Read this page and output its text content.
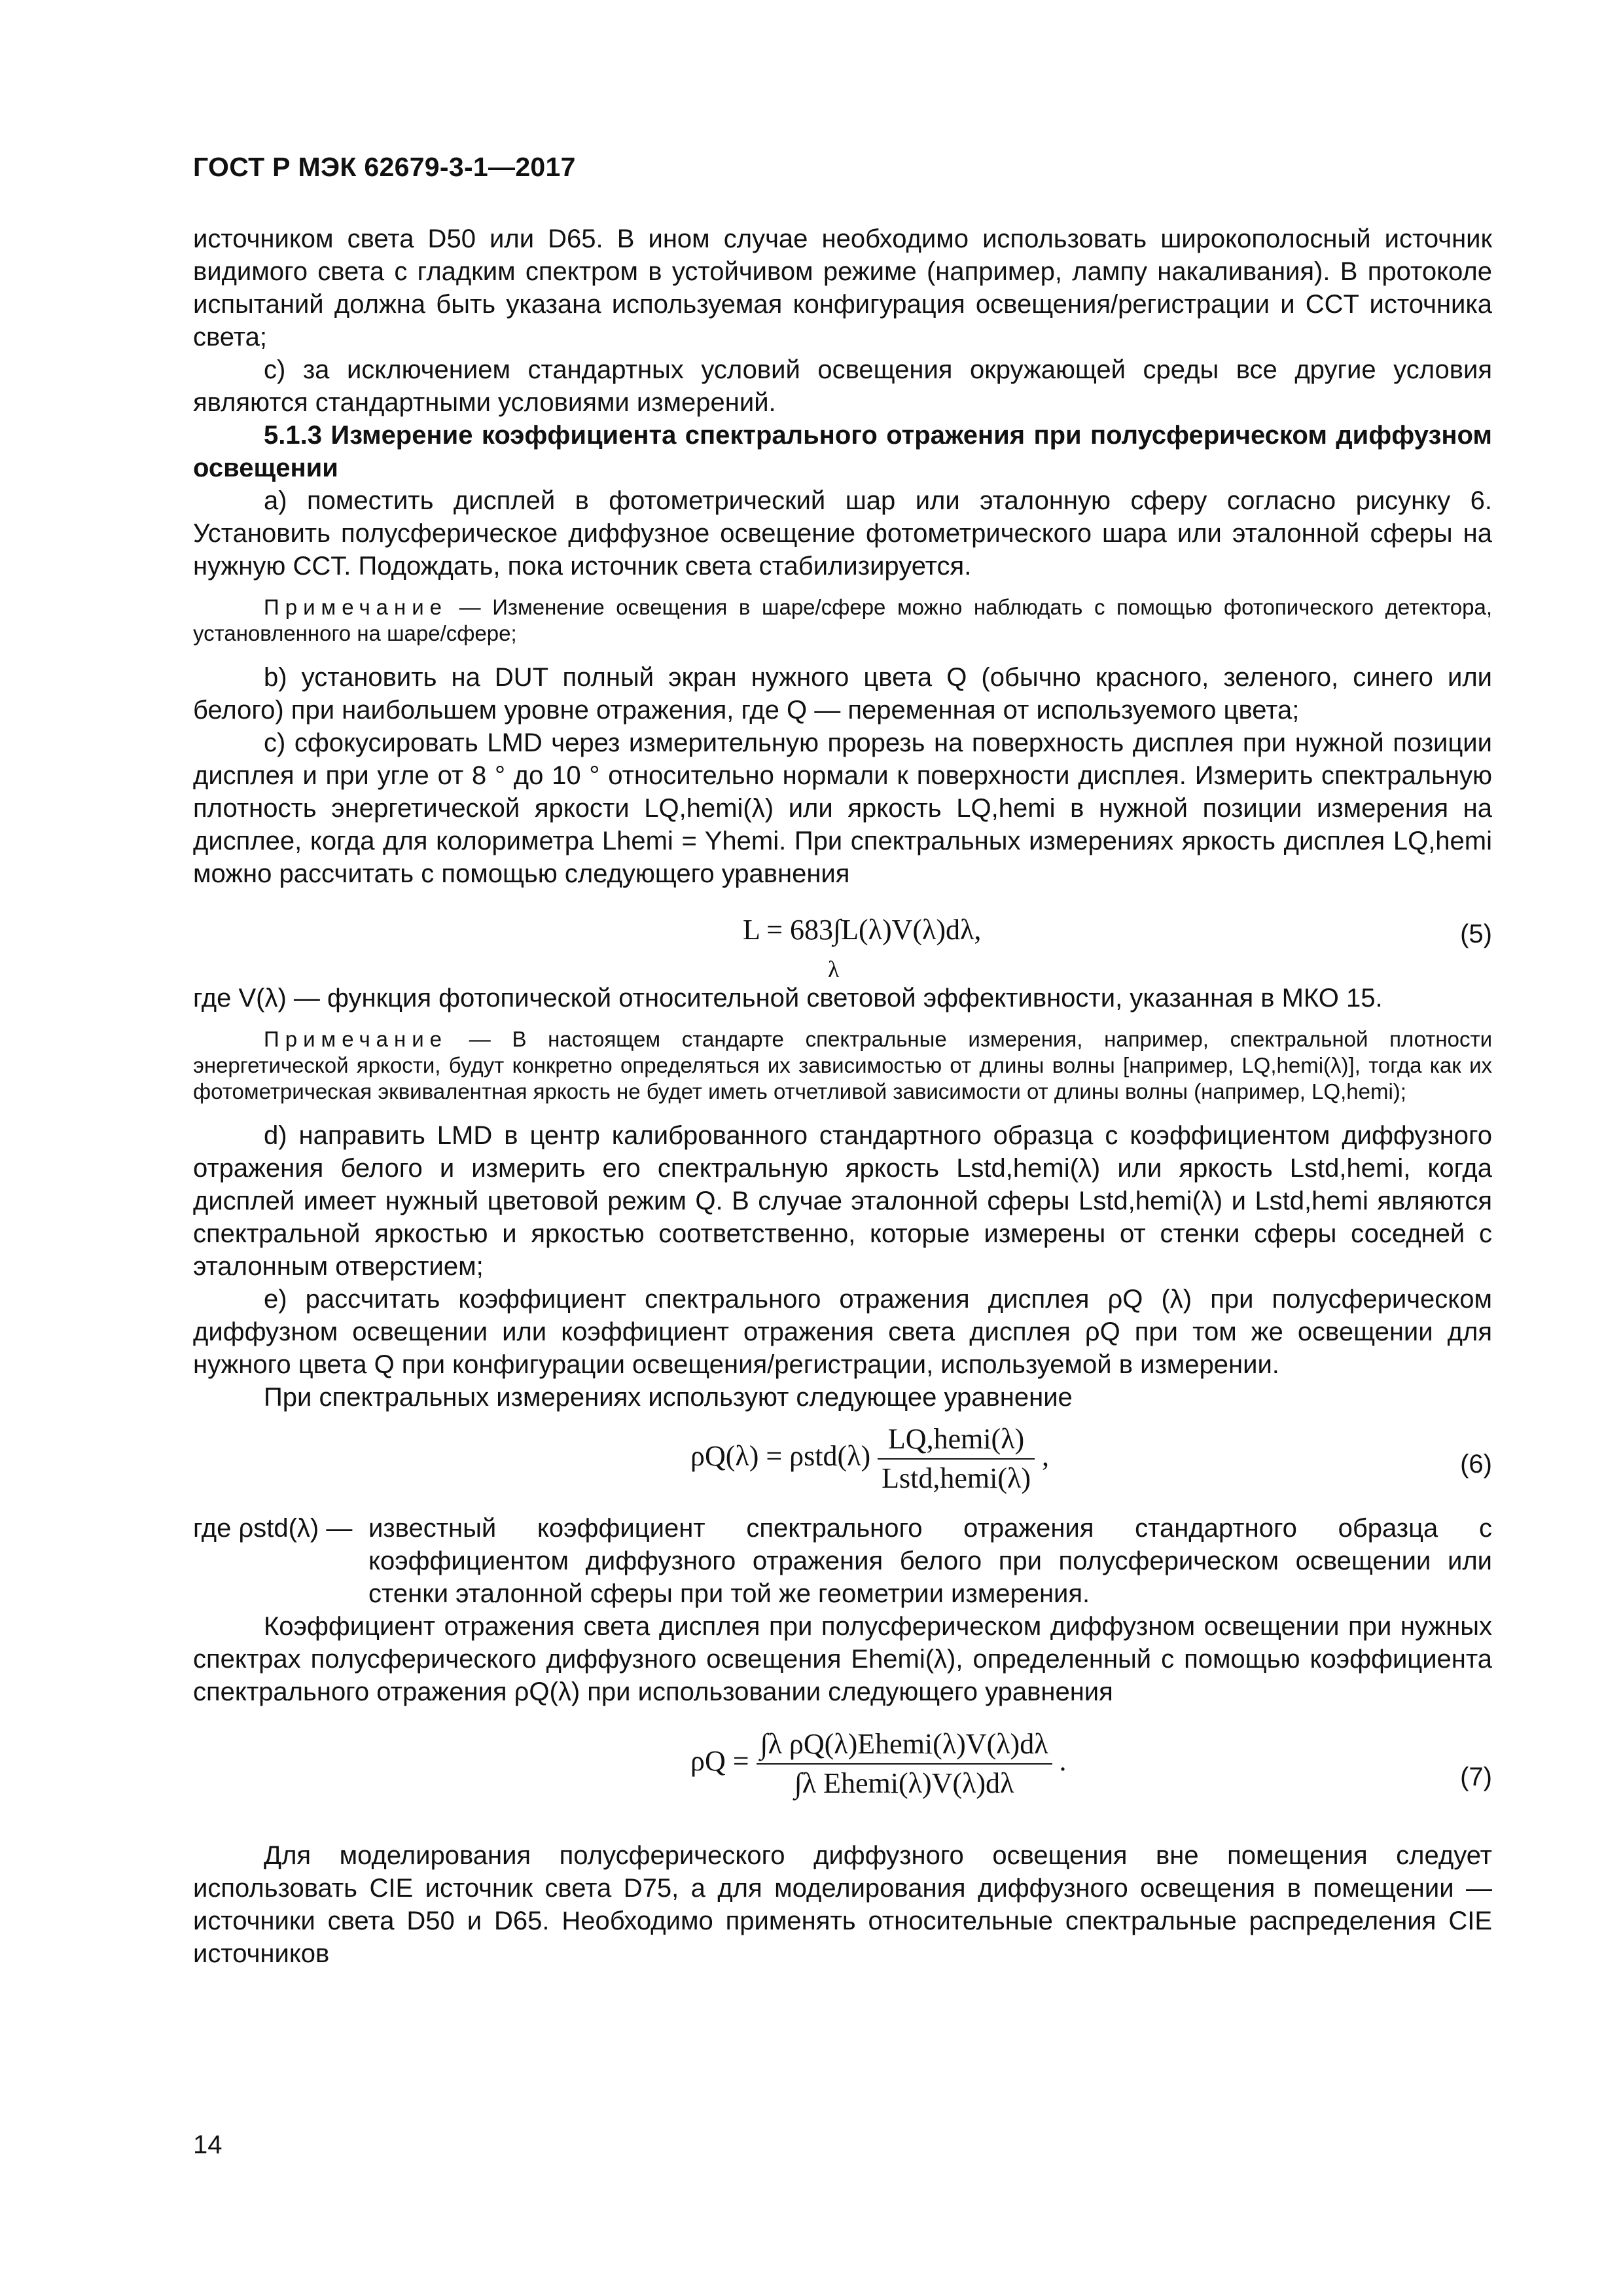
ГОСТ Р МЭК 62679-3-1—2017

источником света D50 или D65. В ином случае необходимо использовать широкополосный источник видимого света с гладким спектром в устойчивом режиме (например, лампу накаливания). В протоколе испытаний должна быть указана используемая конфигурация освещения/регистрации и CCT источника света;

c) за исключением стандартных условий освещения окружающей среды все другие условия являются стандартными условиями измерений.

5.1.3 Измерение коэффициента спектрального отражения при полусферическом диффузном освещении

a) поместить дисплей в фотометрический шар или эталонную сферу согласно рисунку 6. Установить полусферическое диффузное освещение фотометрического шара или эталонной сферы на нужную CCT. Подождать, пока источник света стабилизируется.

Примечание — Изменение освещения в шаре/сфере можно наблюдать с помощью фотопического детектора, установленного на шаре/сфере;

b) установить на DUT полный экран нужного цвета Q (обычно красного, зеленого, синего или белого) при наибольшем уровне отражения, где Q — переменная от используемого цвета;

c) сфокусировать LMD через измерительную прорезь на поверхность дисплея при нужной позиции дисплея и при угле от 8 ° до 10 ° относительно нормали к поверхности дисплея. Измерить спектральную плотность энергетической яркости LQ,hemi(λ) или яркость LQ,hemi в нужной позиции измерения на дисплее, когда для колориметра Lhemi = Yhemi. При спектральных измерениях яркость дисплея LQ,hemi можно рассчитать с помощью следующего уравнения

L = 683∫L(λ)V(λ)dλ,
λ
(5)

где V(λ) — функция фотопической относительной световой эффективности, указанная в МКО 15.

Примечание — В настоящем стандарте спектральные измерения, например, спектральной плотности энергетической яркости, будут конкретно определяться их зависимостью от длины волны [например, LQ,hemi(λ)], тогда как их фотометрическая эквивалентная яркость не будет иметь отчетливой зависимости от длины волны (например, LQ,hemi);

d) направить LMD в центр калиброванного стандартного образца с коэффициентом диффузного отражения белого и измерить его спектральную яркость Lstd,hemi(λ) или яркость Lstd,hemi, когда дисплей имеет нужный цветовой режим Q. В случае эталонной сферы Lstd,hemi(λ) и Lstd,hemi являются спектральной яркостью и яркостью соответственно, которые измерены от стенки сферы соседней с эталонным отверстием;

e) рассчитать коэффициент спектрального отражения дисплея ρQ (λ) при полусферическом диффузном освещении или коэффициент отражения света дисплея ρQ при том же освещении для нужного цвета Q при конфигурации освещения/регистрации, используемой в измерении.

При спектральных измерениях используют следующее уравнение

$\rho Q(\lambda) = \rho std(\lambda) \frac{\text{LQ,hemi(λ)}}{\text{Lstd,hemi(λ)}}$ ,	(6)
где ρstd(λ) — известный коэффициент спектрального отражения стандартного образца с коэффициентом диффузного отражения белого при полусферическом освещении или стенки эталонной сферы при той же геометрии измерения.

Коэффициент отражения света дисплея при полусферическом диффузном освещении при нужных спектрах полусферического диффузного освещения Ehemi(λ), определенный с помощью коэффициента спектрального отражения ρQ(λ) при использовании следующего уравнения

$\rho Q = \frac{\text{∫λ ρQ(λ)Ehemi(λ)V(λ)dλ}}{\text{∫λ Ehemi(λ)V(λ)dλ}}$ .	(7)

Для моделирования полусферического диффузного освещения вне помещения следует использовать CIE источник света D75, а для моделирования диффузного освещения в помещении — источники света D50 и D65. Необходимо применять относительные спектральные распределения CIE источников

14
